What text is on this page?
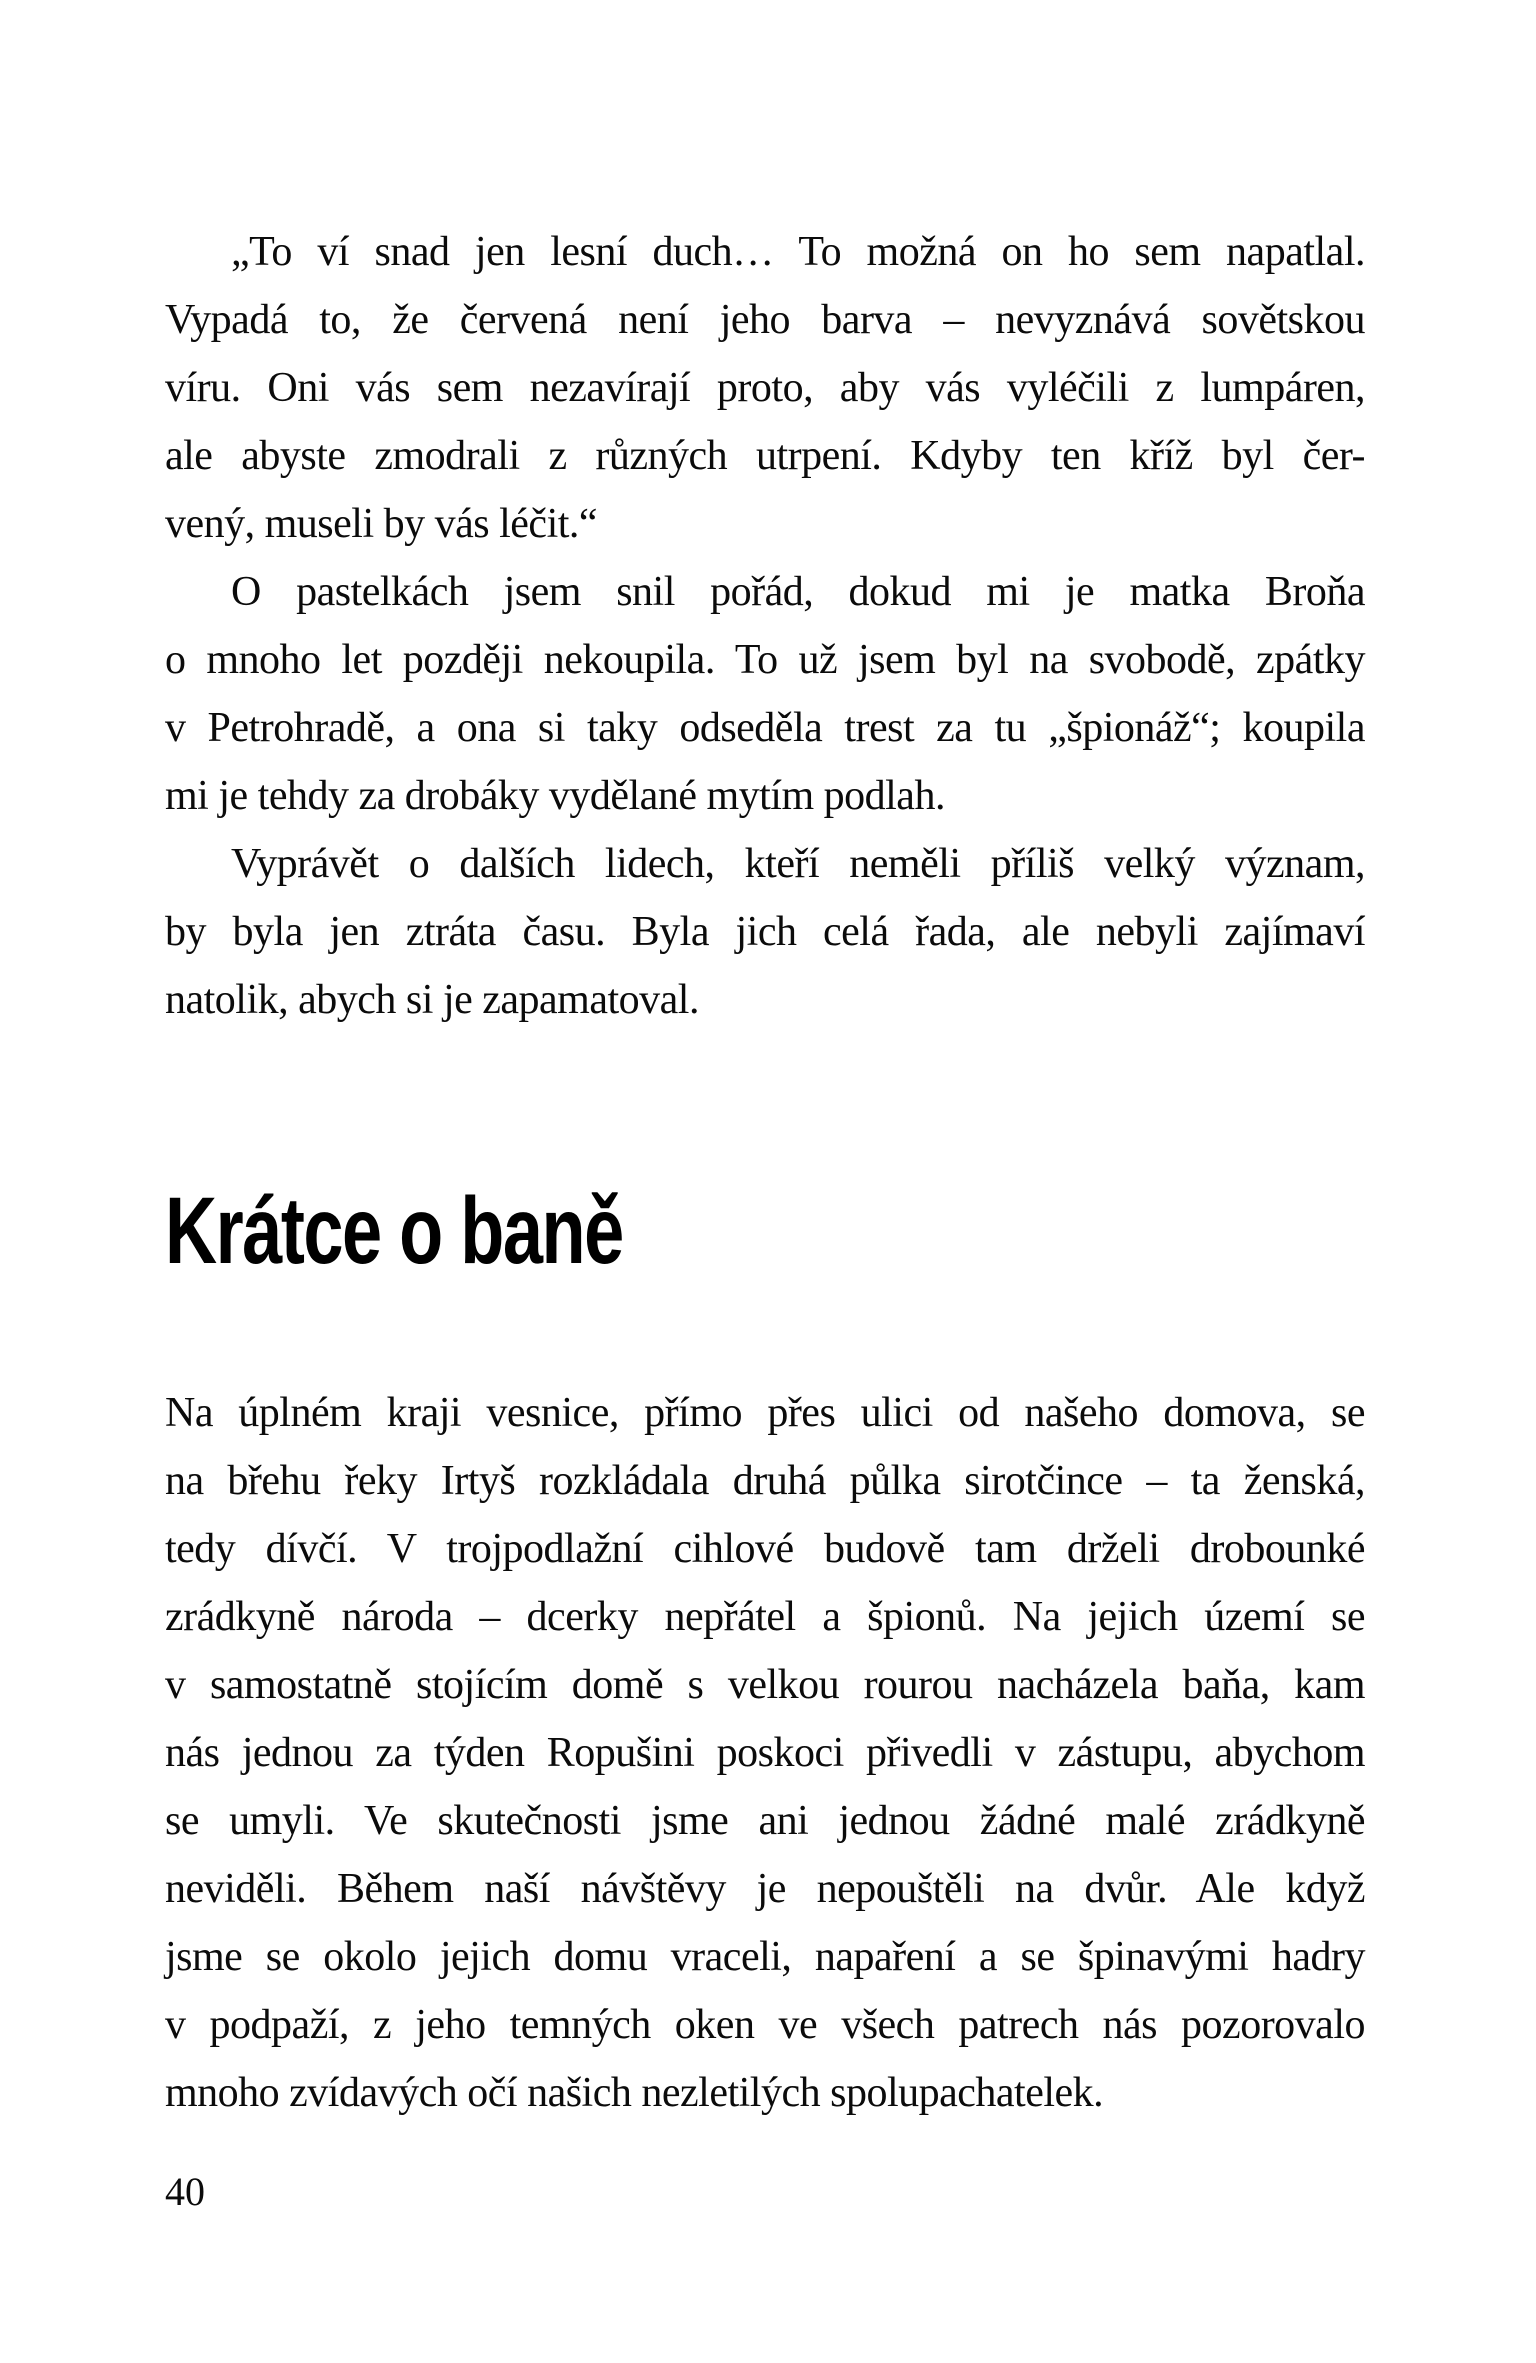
„To ví snad jen lesní duch… To možná on ho sem napatlal.
Vypadá to, že červená není jeho barva – nevyznává sovětskou
víru. Oni vás sem nezavírají proto, aby vás vyléčili z lumpáren,
ale abyste zmodrali z různých utrpení. Kdyby ten kříž byl čer-
vený, museli by vás léčit.“
O pastelkách jsem snil pořád, dokud mi je matka Broňa
o mnoho let později nekoupila. To už jsem byl na svobodě, zpátky
v Petrohradě, a ona si taky odseděla trest za tu „špionáž“; koupila
mi je tehdy za drobáky vydělané mytím podlah.
Vyprávět o dalších lidech, kteří neměli příliš velký význam,
by byla jen ztráta času. Byla jich celá řada, ale nebyli zajímaví
natolik, abych si je zapamatoval.
Krátce o baně
Na úplném kraji vesnice, přímo přes ulici od našeho domova, se
na břehu řeky Irtyš rozkládala druhá půlka sirotčince – ta ženská,
tedy dívčí. V trojpodlažní cihlové budově tam drželi drobounké
zrádkyně národa – dcerky nepřátel a špionů. Na jejich území se
v samostatně stojícím domě s velkou rourou nacházela baňa, kam
nás jednou za týden Ropušini poskoci přivedli v zástupu, abychom
se umyli. Ve skutečnosti jsme ani jednou žádné malé zrádkyně
neviděli. Během naší návštěvy je nepouštěli na dvůr. Ale když
jsme se okolo jejich domu vraceli, napaření a se špinavými hadry
v podpaží, z jeho temných oken ve všech patrech nás pozorovalo
mnoho zvídavých očí našich nezletilých spolupachatelek.
40
